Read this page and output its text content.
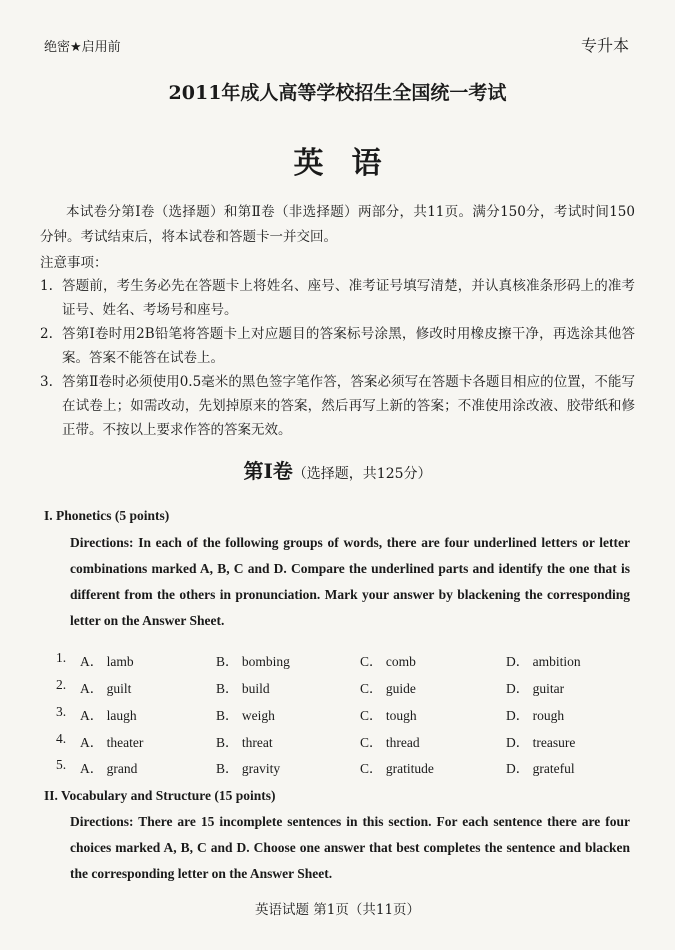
绝密★启用前	专升本
2011年成人高等学校招生全国统一考试
英语
本试卷分第Ⅰ卷（选择题）和第Ⅱ卷（非选择题）两部分，共11页。满分150分，考试时间150分钟。考试结束后，将本试卷和答题卡一并交回。
注意事项：
1. 答题前，考生务必先在答题卡上将姓名、座号、准考证号填写清楚，并认真核准条形码上的准考证号、姓名、考场号和座号。
2. 答第Ⅰ卷时用2B铅笔将答题卡上对应题目的答案标号涂黑，修改时用橡皮擦干净，再选涂其他答案。答案不能答在试卷上。
3. 答第Ⅱ卷时必须使用0.5毫米的黑色签字笔作答，答案必须写在答题卡各题目相应的位置，不能写在试卷上；如需改动，先划掉原来的答案，然后再写上新的答案；不准使用涂改液、胶带纸和修正带。不按以上要求作答的答案无效。
第Ⅰ卷（选择题，共125分）
I. Phonetics (5 points)
Directions: In each of the following groups of words, there are four underlined letters or letter combinations marked A, B, C and D. Compare the underlined parts and identify the one that is different from the others in pronunciation. Mark your answer by blackening the corresponding letter on the Answer Sheet.
1. A． lamb	B． bombing	C． comb	D． ambition
2. A． guilt	B． build	C． guide	D． guitar
3. A． laugh	B． weigh	C． tough	D． rough
4. A． theater	B． threat	C． thread	D． treasure
5. A． grand	B． gravity	C． gratitude	D． grateful
II. Vocabulary and Structure (15 points)
Directions: There are 15 incomplete sentences in this section. For each sentence there are four choices marked A, B, C and D. Choose one answer that best completes the sentence and blacken the corresponding letter on the Answer Sheet.
英语试题 第1页（共11页）
